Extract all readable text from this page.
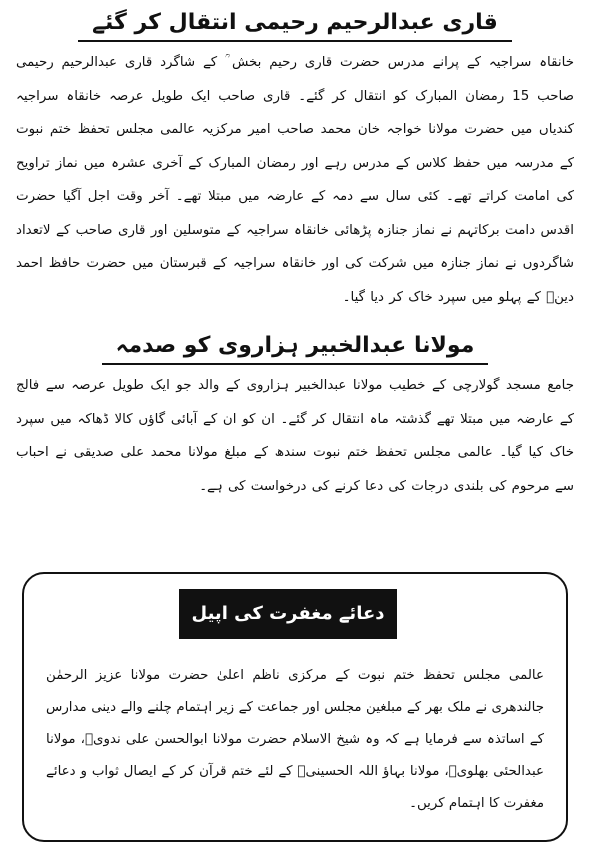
قاری عبدالرحیم رحیمی انتقال کر گئے
خانقاہ سراجیہ کے پرانے مدرس حضرت قاری رحیم بخش ؒ کے شاگرد قاری عبدالرحیم رحیمی صاحب 15 رمضان المبارک کو انتقال کر گئے۔ قاری صاحب ایک طویل عرصہ خانقاہ سراجیہ کندیاں میں حضرت مولانا خواجہ خان محمد صاحب امیر مرکزیہ عالمی مجلس تحفظ ختم نبوت کے مدرسہ میں حفظ کلاس کے مدرس رہے اور رمضان المبارک کے آخری عشرہ میں نماز تراویح کی امامت کراتے تھے۔ کئی سال سے دمہ کے عارضہ میں مبتلا تھے۔ آخر وقت اجل آگیا حضرت اقدس دامت برکاتہم نے نماز جنازہ پڑھائی خانقاہ سراجیہ کے متوسلین اور قاری صاحب کے لاتعداد شاگردوں نے نماز جنازہ میں شرکت کی اور خانقاہ سراجیہ کے قبرستان میں حضرت حافظ احمد دینؒ کے پہلو میں سپرد خاک کر دیا گیا۔
مولانا عبدالخبیر ہزاروی کو صدمہ
جامع مسجد گولارچی کے خطیب مولانا عبدالخبیر ہزاروی کے والد جو ایک طویل عرصہ سے فالج کے عارضہ میں مبتلا تھے گذشتہ ماہ انتقال کر گئے۔ ان کو ان کے آبائی گاؤں کالا ڈھاکہ میں سپرد خاک کیا گیا۔ عالمی مجلس تحفظ ختم نبوت سندھ کے مبلغ مولانا محمد علی صدیقی نے احباب سے مرحوم کی بلندی درجات کی دعا کرنے کی درخواست کی ہے۔
دعائے مغفرت کی اپیل
عالمی مجلس تحفظ ختم نبوت کے مرکزی ناظم اعلیٰ حضرت مولانا عزیز الرحمٰن جالندھری نے ملک بھر کے مبلغین مجلس اور جماعت کے زیر اہتمام چلنے والے دینی مدارس کے اساتذہ سے فرمایا ہے کہ وہ شیخ الاسلام حضرت مولانا ابوالحسن علی ندویؒ، مولانا عبدالحئی بھلویؒ، مولانا بہاؤ اللہ الحسینیؒ کے لئے ختم قرآن کر کے ایصال ثواب و دعائے مغفرت کا اہتمام کریں۔
